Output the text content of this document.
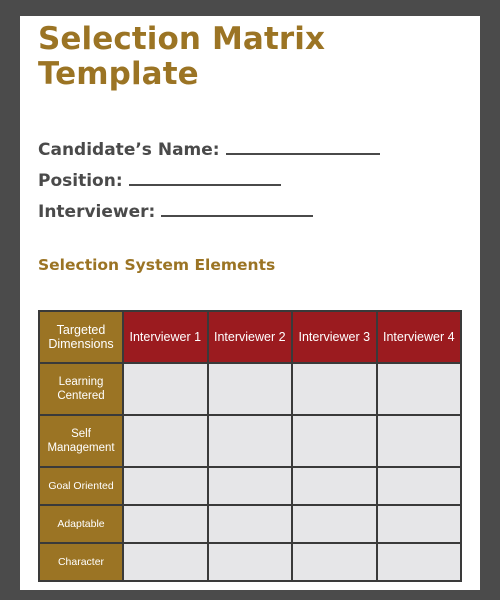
Selection Matrix Template
Candidate’s Name:
Position:
Interviewer:
Selection System Elements
Targeted Dimensions	Interviewer 1	Interviewer 2	Interviewer 3	Interviewer 4
Learning Centered				
Self Management				
Goal Oriented				
Adaptable				
Character				
